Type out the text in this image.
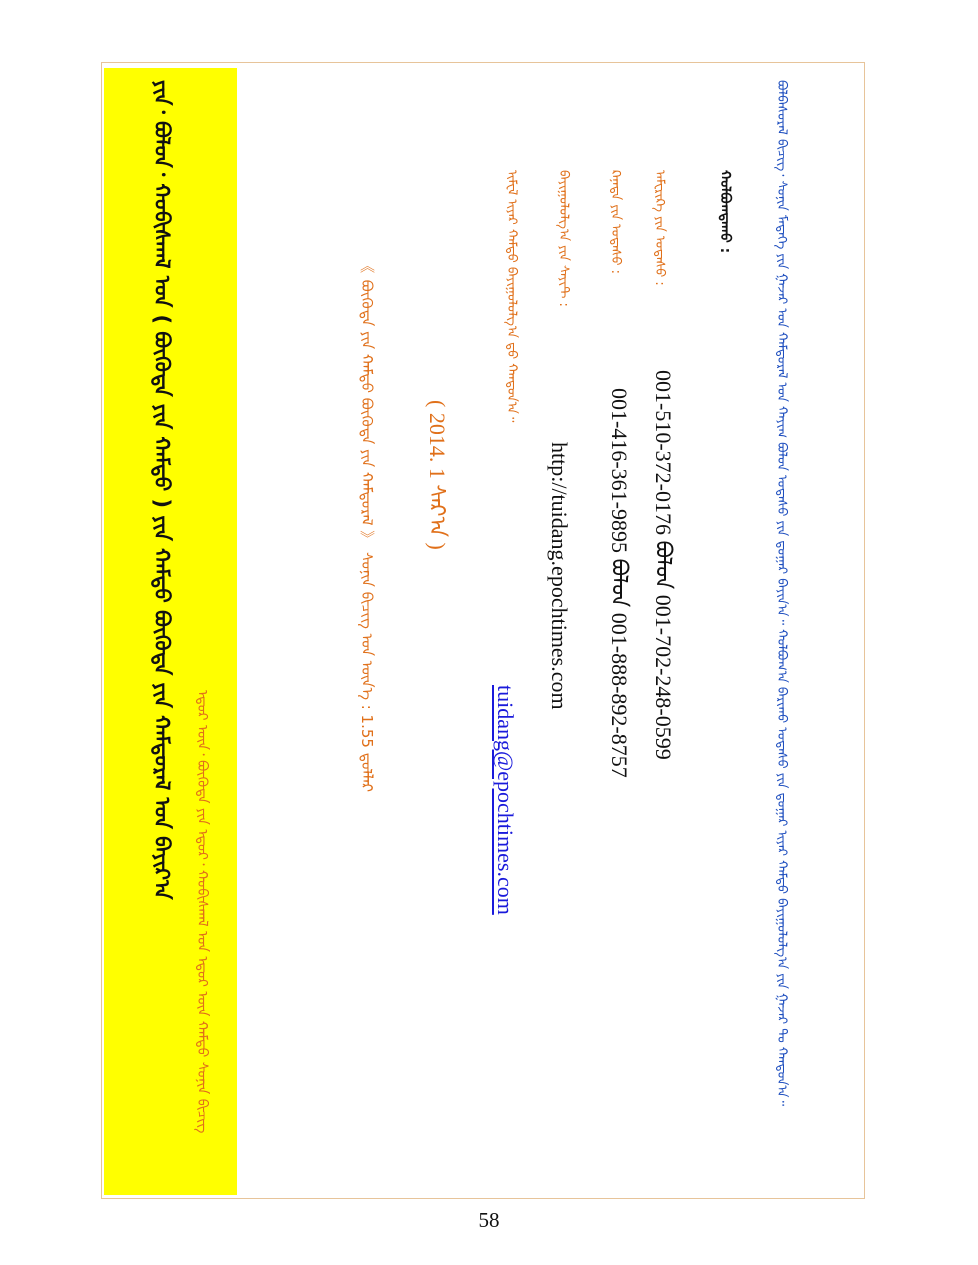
ᠶᠢᠨ᠂ ᠪᠣᠯᠤᠨ᠂ ᠬᠣᠪᠢᠰᠬᠠᠯ ᠤᠨ ( ᠪᠦᠭᠦᠳᠡ ᠶᠢᠨ ᠬᠠᠮᠲᠤ ) ᠶᠢᠨ ᠬᠠᠮᠲᠤ ᠪᠦᠭᠦᠳᠡ ᠶᠢᠨ ᠬᠠᠮᠲᠤᠷᠠᠯ ᠤᠨ ᠪᠠᠶᠢᠷ᠎ᠠ
ᠡᠳᠦᠷ ᠦᠨ᠂ ᠪᠦᠭᠦᠳᠡ ᠶᠢᠨ ᠡᠳᠦᠷ᠂ ᠬᠣᠪᠢᠰᠬᠠᠯ ᠤᠨ ᠡᠳᠦᠷ ᠦᠨ ᠬᠠᠮᠲᠤ ᠰᠣᠨᠢᠨ ᠪᠢᠴᠢᠭ	ᠪᠣᠯᠪᠠᠰᠤᠷᠠᠯ ᠪᠢᠴᠢᠭ᠂ ᠰᠣᠨᠢᠨ ᠮᠡᠳᠡᠭᠡ ᠶᠢᠨ ᠭᠠᠵᠠᠷ ᠤᠨ ᠬᠠᠮᠲᠤᠷᠠᠯ ᠤᠨ ᠬᠠᠶᠢᠭ ᠪᠣᠯᠤᠨ ᠤᠲᠠᠰᠤ ᠶᠢᠨ ᠳ᠋ᠤᠭᠠᠷ ᠪᠠᠶᠢᠨ᠎ᠠ᠃ ᠬᠣᠯᠪᠣᠭ᠎ᠠ ᠪᠠᠷᠢᠬᠤ ᠤᠲᠠᠰᠤ ᠶᠢᠨ ᠳ᠋ᠤᠭᠠᠷ ᠢᠶᠠᠷ ᠬᠠᠮᠲᠤ ᠪᠠᠶᠢᠭᠤᠯᠤᠯᠭ᠎ᠠ ᠶᠢᠨ ᠭᠠᠵᠠᠷ ᠲᠤ ᠬᠠᠨᠳᠤᠨ᠎ᠠ᠃
ᠬᠣᠯᠪᠣᠭᠳᠠᠬᠤ :
ᠠᠮᠸᠷᠢᠺᠠ ᠶᠢᠨ ᠤᠲᠠᠰᠤ :
001-510-372-0176 ᠪᠣᠯᠤᠨ 001-702-248-0599
ᠺᠠᠨᠠᠳᠠ ᠶᠢᠨ ᠤᠲᠠᠰᠤ :
001-416-361-9895 ᠪᠣᠯᠤᠨ 001-888-892-8757
ᠪᠠᠶᠢᠭᠤᠯᠤᠯᠭ᠎ᠠ ᠶᠢᠨ ᠰᠠᠶᠢᠲ :
http://tuidang.epochtimes.com
ᠢᠮᠸᠯ ᠢᠶᠡᠷ ᠬᠠᠮᠲᠤ ᠪᠠᠶᠢᠭᠤᠯᠤᠯᠭ᠎ᠠ ᠳ᠋ᠤ ᠬᠠᠨᠳᠤᠨ᠎ᠠ᠃
tuidang@epochtimes.com
( 2014. 1 ᠰᠠᠷ᠎ᠠ )
《 ᠪᠦᠭᠦᠳᠡ ᠶᠢᠨ ᠬᠠᠮᠲᠤ ᠪᠦᠭᠦᠳᠡ ᠶᠢᠨ ᠬᠠᠮᠲᠤᠷᠠᠯ 》 ᠰᠣᠨᠢᠨ ᠪᠢᠴᠢᠭ ᠤᠨ ᠦᠨ᠎ᠡ : 1.55 ᠳ᠋ᠣᠯᠯᠠᠷ
58
